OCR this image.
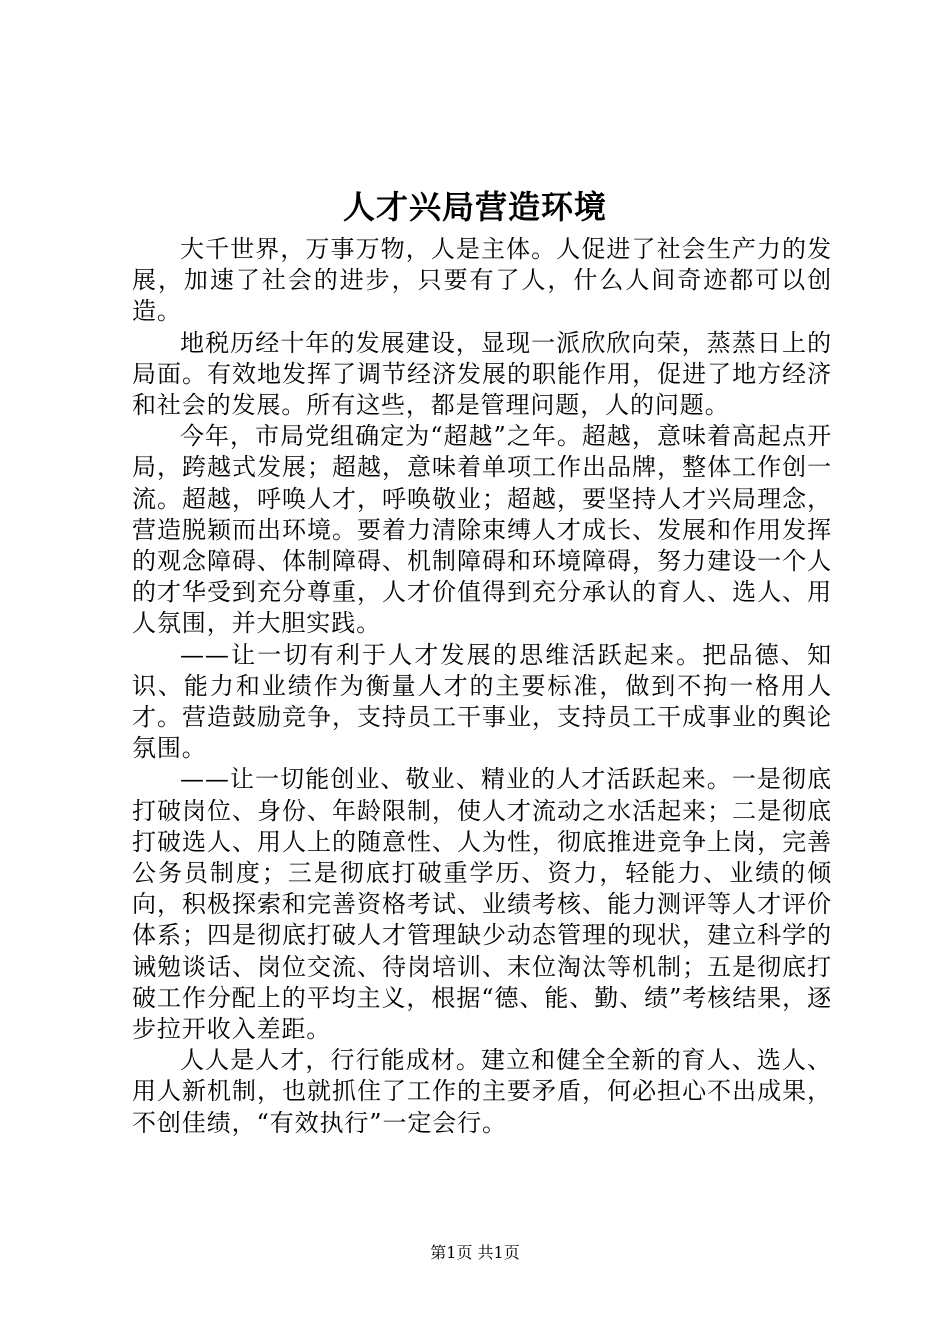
人才兴局营造环境

大千世界，万事万物，人是主体。人促进了社会生产力的发展，加速了社会的进步，只要有了人，什么人间奇迹都可以创造。

地税历经十年的发展建设，显现一派欣欣向荣，蒸蒸日上的局面。有效地发挥了调节经济发展的职能作用，促进了地方经济和社会的发展。所有这些，都是管理问题，人的问题。

今年，市局党组确定为“超越”之年。超越，意味着高起点开局，跨越式发展；超越，意味着单项工作出品牌，整体工作创一流。超越，呼唤人才，呼唤敬业；超越，要坚持人才兴局理念，营造脱颖而出环境。要着力清除束缚人才成长、发展和作用发挥的观念障碍、体制障碍、机制障碍和环境障碍，努力建设一个人的才华受到充分尊重，人才价值得到充分承认的育人、选人、用人氛围，并大胆实践。

——让一切有利于人才发展的思维活跃起来。把品德、知识、能力和业绩作为衡量人才的主要标准，做到不拘一格用人才。营造鼓励竞争，支持员工干事业，支持员工干成事业的舆论氛围。

——让一切能创业、敬业、精业的人才活跃起来。一是彻底打破岗位、身份、年龄限制，使人才流动之水活起来；二是彻底打破选人、用人上的随意性、人为性，彻底推进竞争上岗，完善公务员制度；三是彻底打破重学历、资力，轻能力、业绩的倾向，积极探索和完善资格考试、业绩考核、能力测评等人才评价体系；四是彻底打破人才管理缺少动态管理的现状，建立科学的诫勉谈话、岗位交流、待岗培训、末位淘汰等机制；五是彻底打破工作分配上的平均主义，根据“德、能、勤、绩”考核结果，逐步拉开收入差距。

人人是人才，行行能成材。建立和健全全新的育人、选人、用人新机制，也就抓住了工作的主要矛盾，何必担心不出成果，不创佳绩，“有效执行”一定会行。

第1页 共1页
